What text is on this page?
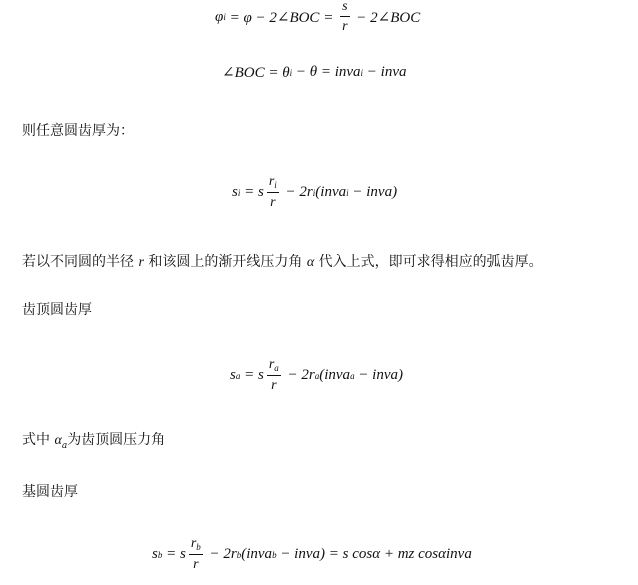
φ i = φ − 2∠BOC = $\frac{s}{r}$ − 2∠BOC
∠BOC = θ i − θ = inva i − inva
则任意圆齿厚为：
s i = s $\frac{r_i}{r} - 2r$ i (inva i − inva)
若以不同圆的半径 r 和该圆上的渐开线压力角 α 代入上式，即可求得相应的弧齿厚。
齿顶圆齿厚
s a = s $\frac{r_a}{r} - 2r$ a (inva a − inva)
式中 $\alpha_a$为齿顶圆压力角
基圆齿厚
s b = s $\frac{r_b}{r} - 2r$ b (inva b − inva) = s cosα + mz cosαinva
